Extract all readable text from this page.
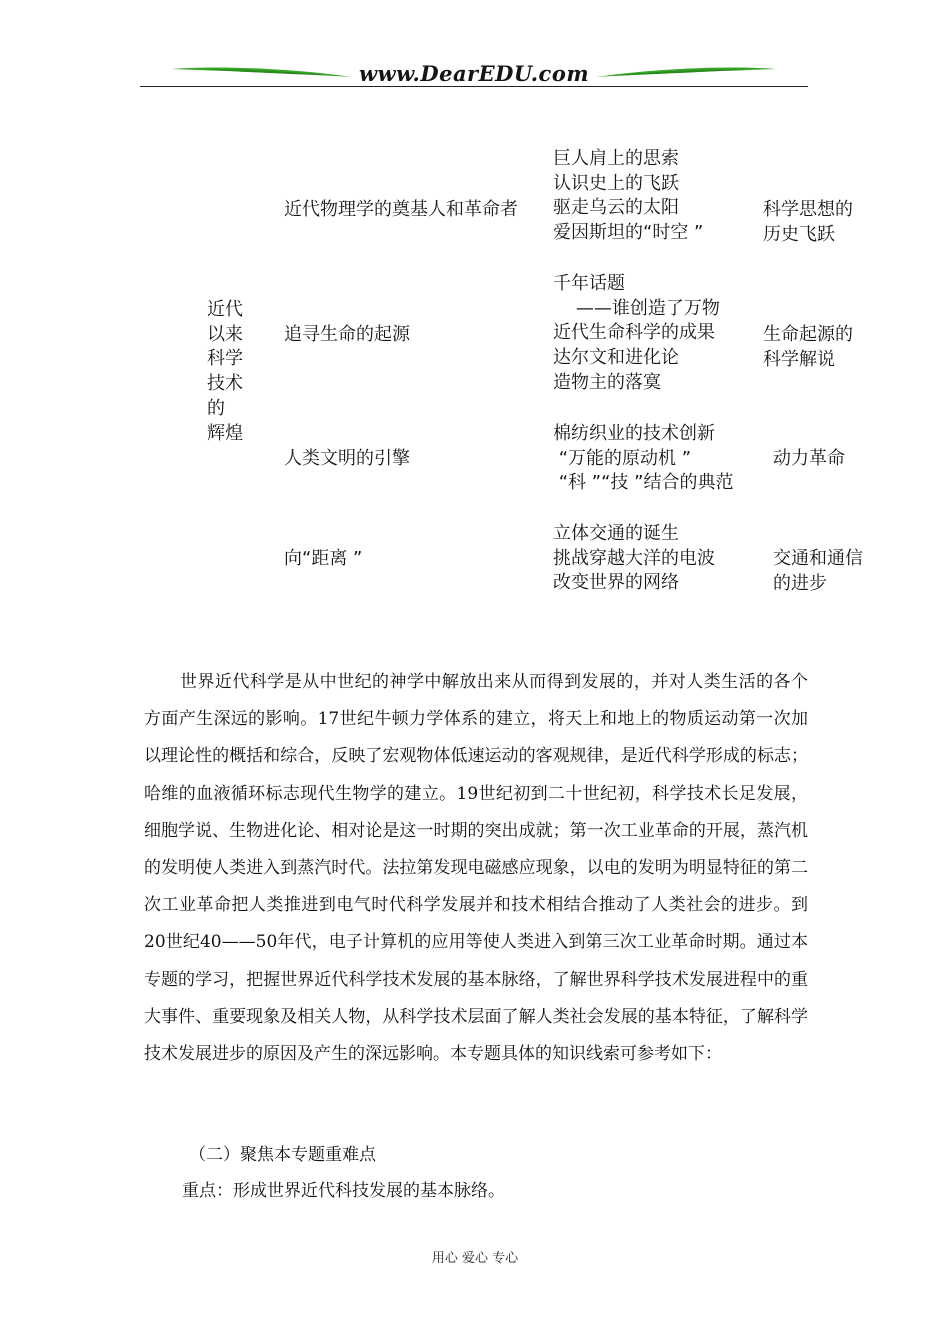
www.DearEDU.com
近代
以来
科学
技术
的
辉煌
近代物理学的奠基人和革命者
巨人肩上的思索
认识史上的飞跃
驱走乌云的太阳
爱因斯坦的“时空 ”
科学思想的
历史飞跃
追寻生命的起源
千年话题
——谁创造了万物
近代生命科学的成果
达尔文和进化论
造物主的落寞
生命起源的
科学解说
人类文明的引擎
棉纺织业的技术创新
“万能的原动机 ”
“科 ”“技 ”结合的典范
动力革命
向“距离 ”
立体交通的诞生
挑战穿越大洋的电波
改变世界的网络
交通和通信
的进步
世界近代科学是从中世纪的神学中解放出来从而得到发展的，并对人类生活的各个方面产生深远的影响。17世纪牛顿力学体系的建立，将天上和地上的物质运动第一次加以理论性的概括和综合，反映了宏观物体低速运动的客观规律，是近代科学形成的标志；哈维的血液循环标志现代生物学的建立。19世纪初到二十世纪初，科学技术长足发展，细胞学说、生物进化论、相对论是这一时期的突出成就；第一次工业革命的开展，蒸汽机的发明使人类进入到蒸汽时代。法拉第发现电磁感应现象，以电的发明为明显特征的第二次工业革命把人类推进到电气时代科学发展并和技术相结合推动了人类社会的进步。到20世纪40——50年代，电子计算机的应用等使人类进入到第三次工业革命时期。通过本专题的学习，把握世界近代科学技术发展的基本脉络，了解世界科学技术发展进程中的重大事件、重要现象及相关人物，从科学技术层面了解人类社会发展的基本特征，了解科学技术发展进步的原因及产生的深远影响。本专题具体的知识线索可参考如下：
（二）聚焦本专题重难点
重点：形成世界近代科技发展的基本脉络。
用心 爱心 专心
